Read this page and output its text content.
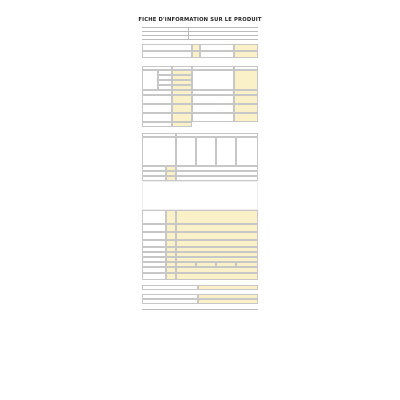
FICHE D'INFORMATION SUR LE PRODUIT
